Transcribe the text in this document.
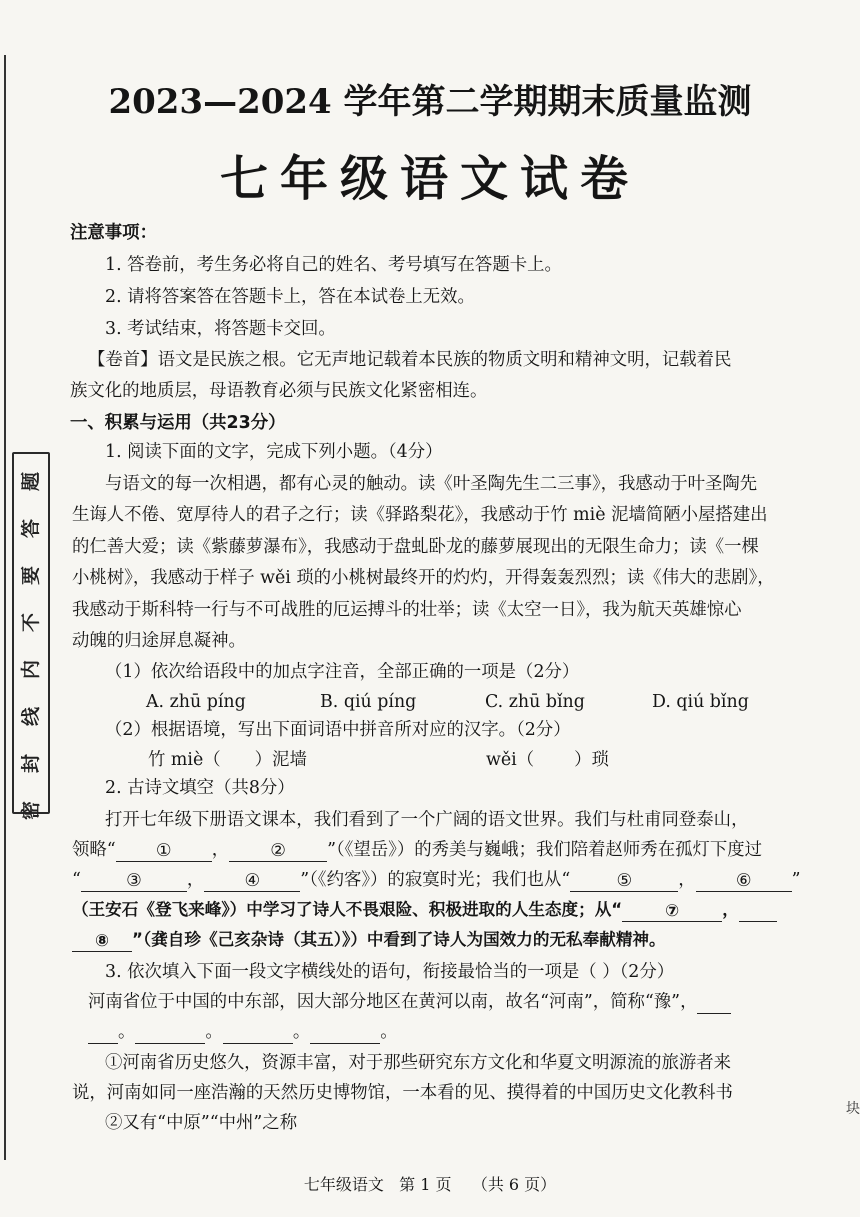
题
答
要
不
内
线
封
密
2023—2024 学年第二学期期末质量监测
七年级语文试卷
注意事项：
1. 答卷前，考生务必将自己的姓名、考号填写在答题卡上。
2. 请将答案答在答题卡上，答在本试卷上无效。
3. 考试结束，将答题卡交回。
【卷首】语文是民族之根。它无声地记载着本民族的物质文明和精神文明，记载着民
族文化的地质层，母语教育必须与民族文化紧密相连。
一、积累与运用（共23分）
1. 阅读下面的文字，完成下列小题。（4分）
与语文的每一次相遇，都有心灵的触动。读《叶圣陶先生二三事》，我感动于叶圣陶先
生诲人不倦、宽厚待人的君子之行；读《驿路梨花》，我感动于竹 miè 泥墙简陋小屋搭建出
的仁善大爱；读《紫藤萝瀑布》，我感动于盘虬卧龙的藤萝展现出的无限生命力；读《一棵
小桃树》，我感动于样子 wěi 琐的小桃树最终开的灼灼，开得轰轰烈烈；读《伟大的悲剧》，
我感动于斯科特一行与不可战胜的厄运搏斗的壮举；读《太空一日》，我为航天英雄惊心
动魄的归途屏息凝神。
（1）依次给语段中的加点字注音，全部正确的一项是（2分）
A. zhū píng	B. qiú píng	C. zhū bǐng	D. qiú bǐng
（2）根据语境，写出下面词语中拼音所对应的汉字。（2分）
竹 miè（ ）泥墙	wěi（ ）琐
2. 古诗文填空（共8分）
打开七年级下册语文课本，我们看到了一个广阔的语文世界。我们与杜甫同登泰山，
领略“ ① ， ② ”（《望岳》）的秀美与巍峨；我们陪着赵师秀在孤灯下度过
“	③	， ④ ”（《约客》）的寂寞时光；我们也从“	⑤	， ⑥ ”
（王安石《登飞来峰》）中学习了诗人不畏艰险、积极进取的人生态度；从“	⑦	，
⑧ ”（龚自珍《己亥杂诗（其五）》）中看到了诗人为国效力的无私奉献精神。
3. 依次填入下面一段文字横线处的语句，衔接最恰当的一项是（ ）（2分）
河南省位于中国的中东部，因大部分地区在黄河以南，故名“河南”，简称“豫”，
。	。	。	。
①河南省历史悠久，资源丰富，对于那些研究东方文化和华夏文明源流的旅游者来
说，河南如同一座浩瀚的天然历史博物馆，一本看的见、摸得着的中国历史文化教科书
②又有“中原”“中州”之称
块
七年级语文 第 1 页 （共 6 页）
